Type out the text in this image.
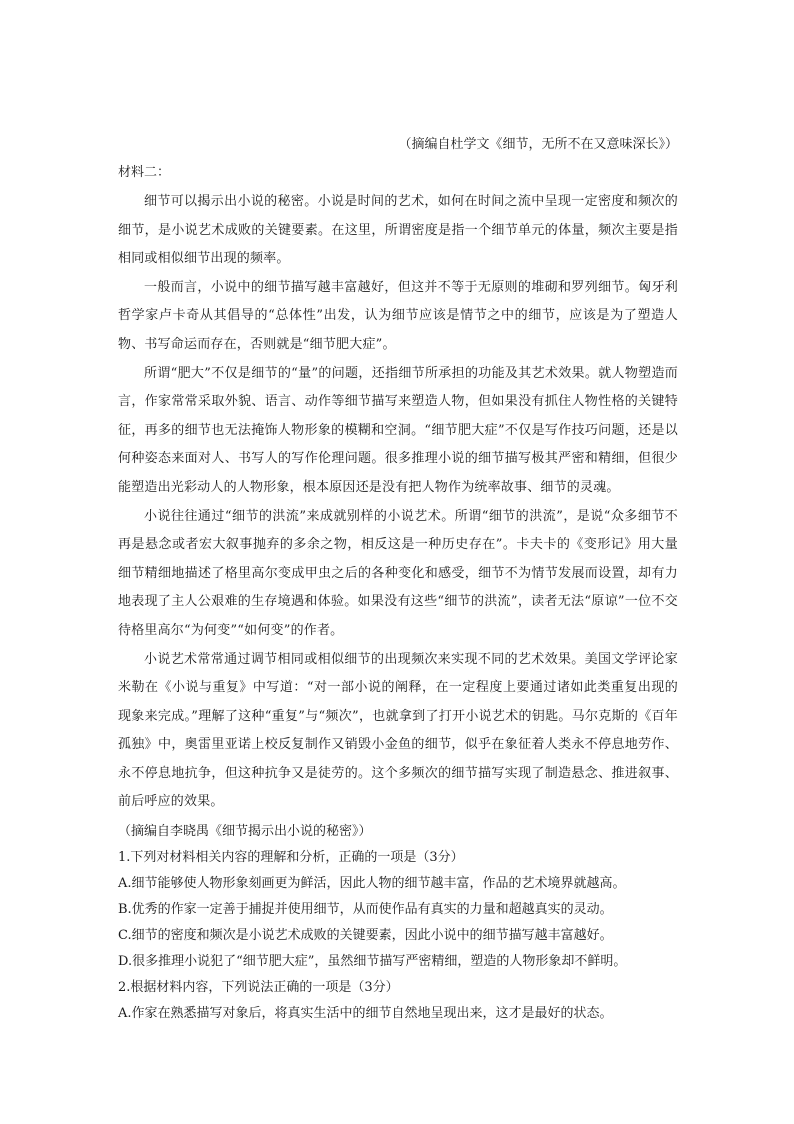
（摘编自杜学文《细节，无所不在又意味深长》）

材料二：

细节可以揭示出小说的秘密。小说是时间的艺术，如何在时间之流中呈现一定密度和频次的细节，是小说艺术成败的关键要素。在这里，所谓密度是指一个细节单元的体量，频次主要是指相同或相似细节出现的频率。

一般而言，小说中的细节描写越丰富越好，但这并不等于无原则的堆砌和罗列细节。匈牙利哲学家卢卡奇从其倡导的“总体性”出发，认为细节应该是情节之中的细节，应该是为了塑造人物、书写命运而存在，否则就是“细节肥大症”。

所谓“肥大”不仅是细节的“量”的问题，还指细节所承担的功能及其艺术效果。就人物塑造而言，作家常常采取外貌、语言、动作等细节描写来塑造人物，但如果没有抓住人物性格的关键特征，再多的细节也无法掩饰人物形象的模糊和空洞。“细节肥大症”不仅是写作技巧问题，还是以何种姿态来面对人、书写人的写作伦理问题。很多推理小说的细节描写极其严密和精细，但很少能塑造出光彩动人的人物形象，根本原因还是没有把人物作为统率故事、细节的灵魂。

小说往往通过“细节的洪流”来成就别样的小说艺术。所谓“细节的洪流”，是说“众多细节不再是悬念或者宏大叙事抛弃的多余之物，相反这是一种历史存在”。卡夫卡的《变形记》用大量细节精细地描述了格里高尔变成甲虫之后的各种变化和感受，细节不为情节发展而设置，却有力地表现了主人公艰难的生存境遇和体验。如果没有这些“细节的洪流”，读者无法“原谅”一位不交待格里高尔“为何变”“如何变”的作者。

小说艺术常常通过调节相同或相似细节的出现频次来实现不同的艺术效果。美国文学评论家米勒在《小说与重复》中写道：“对一部小说的阐释，在一定程度上要通过诸如此类重复出现的现象来完成。”理解了这种“重复”与“频次”，也就拿到了打开小说艺术的钥匙。马尔克斯的《百年孤独》中，奥雷里亚诺上校反复制作又销毁小金鱼的细节，似乎在象征着人类永不停息地劳作、永不停息地抗争，但这种抗争又是徒劳的。这个多频次的细节描写实现了制造悬念、推进叙事、前后呼应的效果。

（摘编自李晓禺《细节揭示出小说的秘密》）

1.下列对材料相关内容的理解和分析，正确的一项是（3分）

A.细节能够使人物形象刻画更为鲜活，因此人物的细节越丰富，作品的艺术境界就越高。

B.优秀的作家一定善于捕捉并使用细节，从而使作品有真实的力量和超越真实的灵动。

C.细节的密度和频次是小说艺术成败的关键要素，因此小说中的细节描写越丰富越好。

D.很多推理小说犯了“细节肥大症”，虽然细节描写严密精细，塑造的人物形象却不鲜明。

2.根据材料内容，下列说法正确的一项是（3分）

A.作家在熟悉描写对象后，将真实生活中的细节自然地呈现出来，这才是最好的状态。
